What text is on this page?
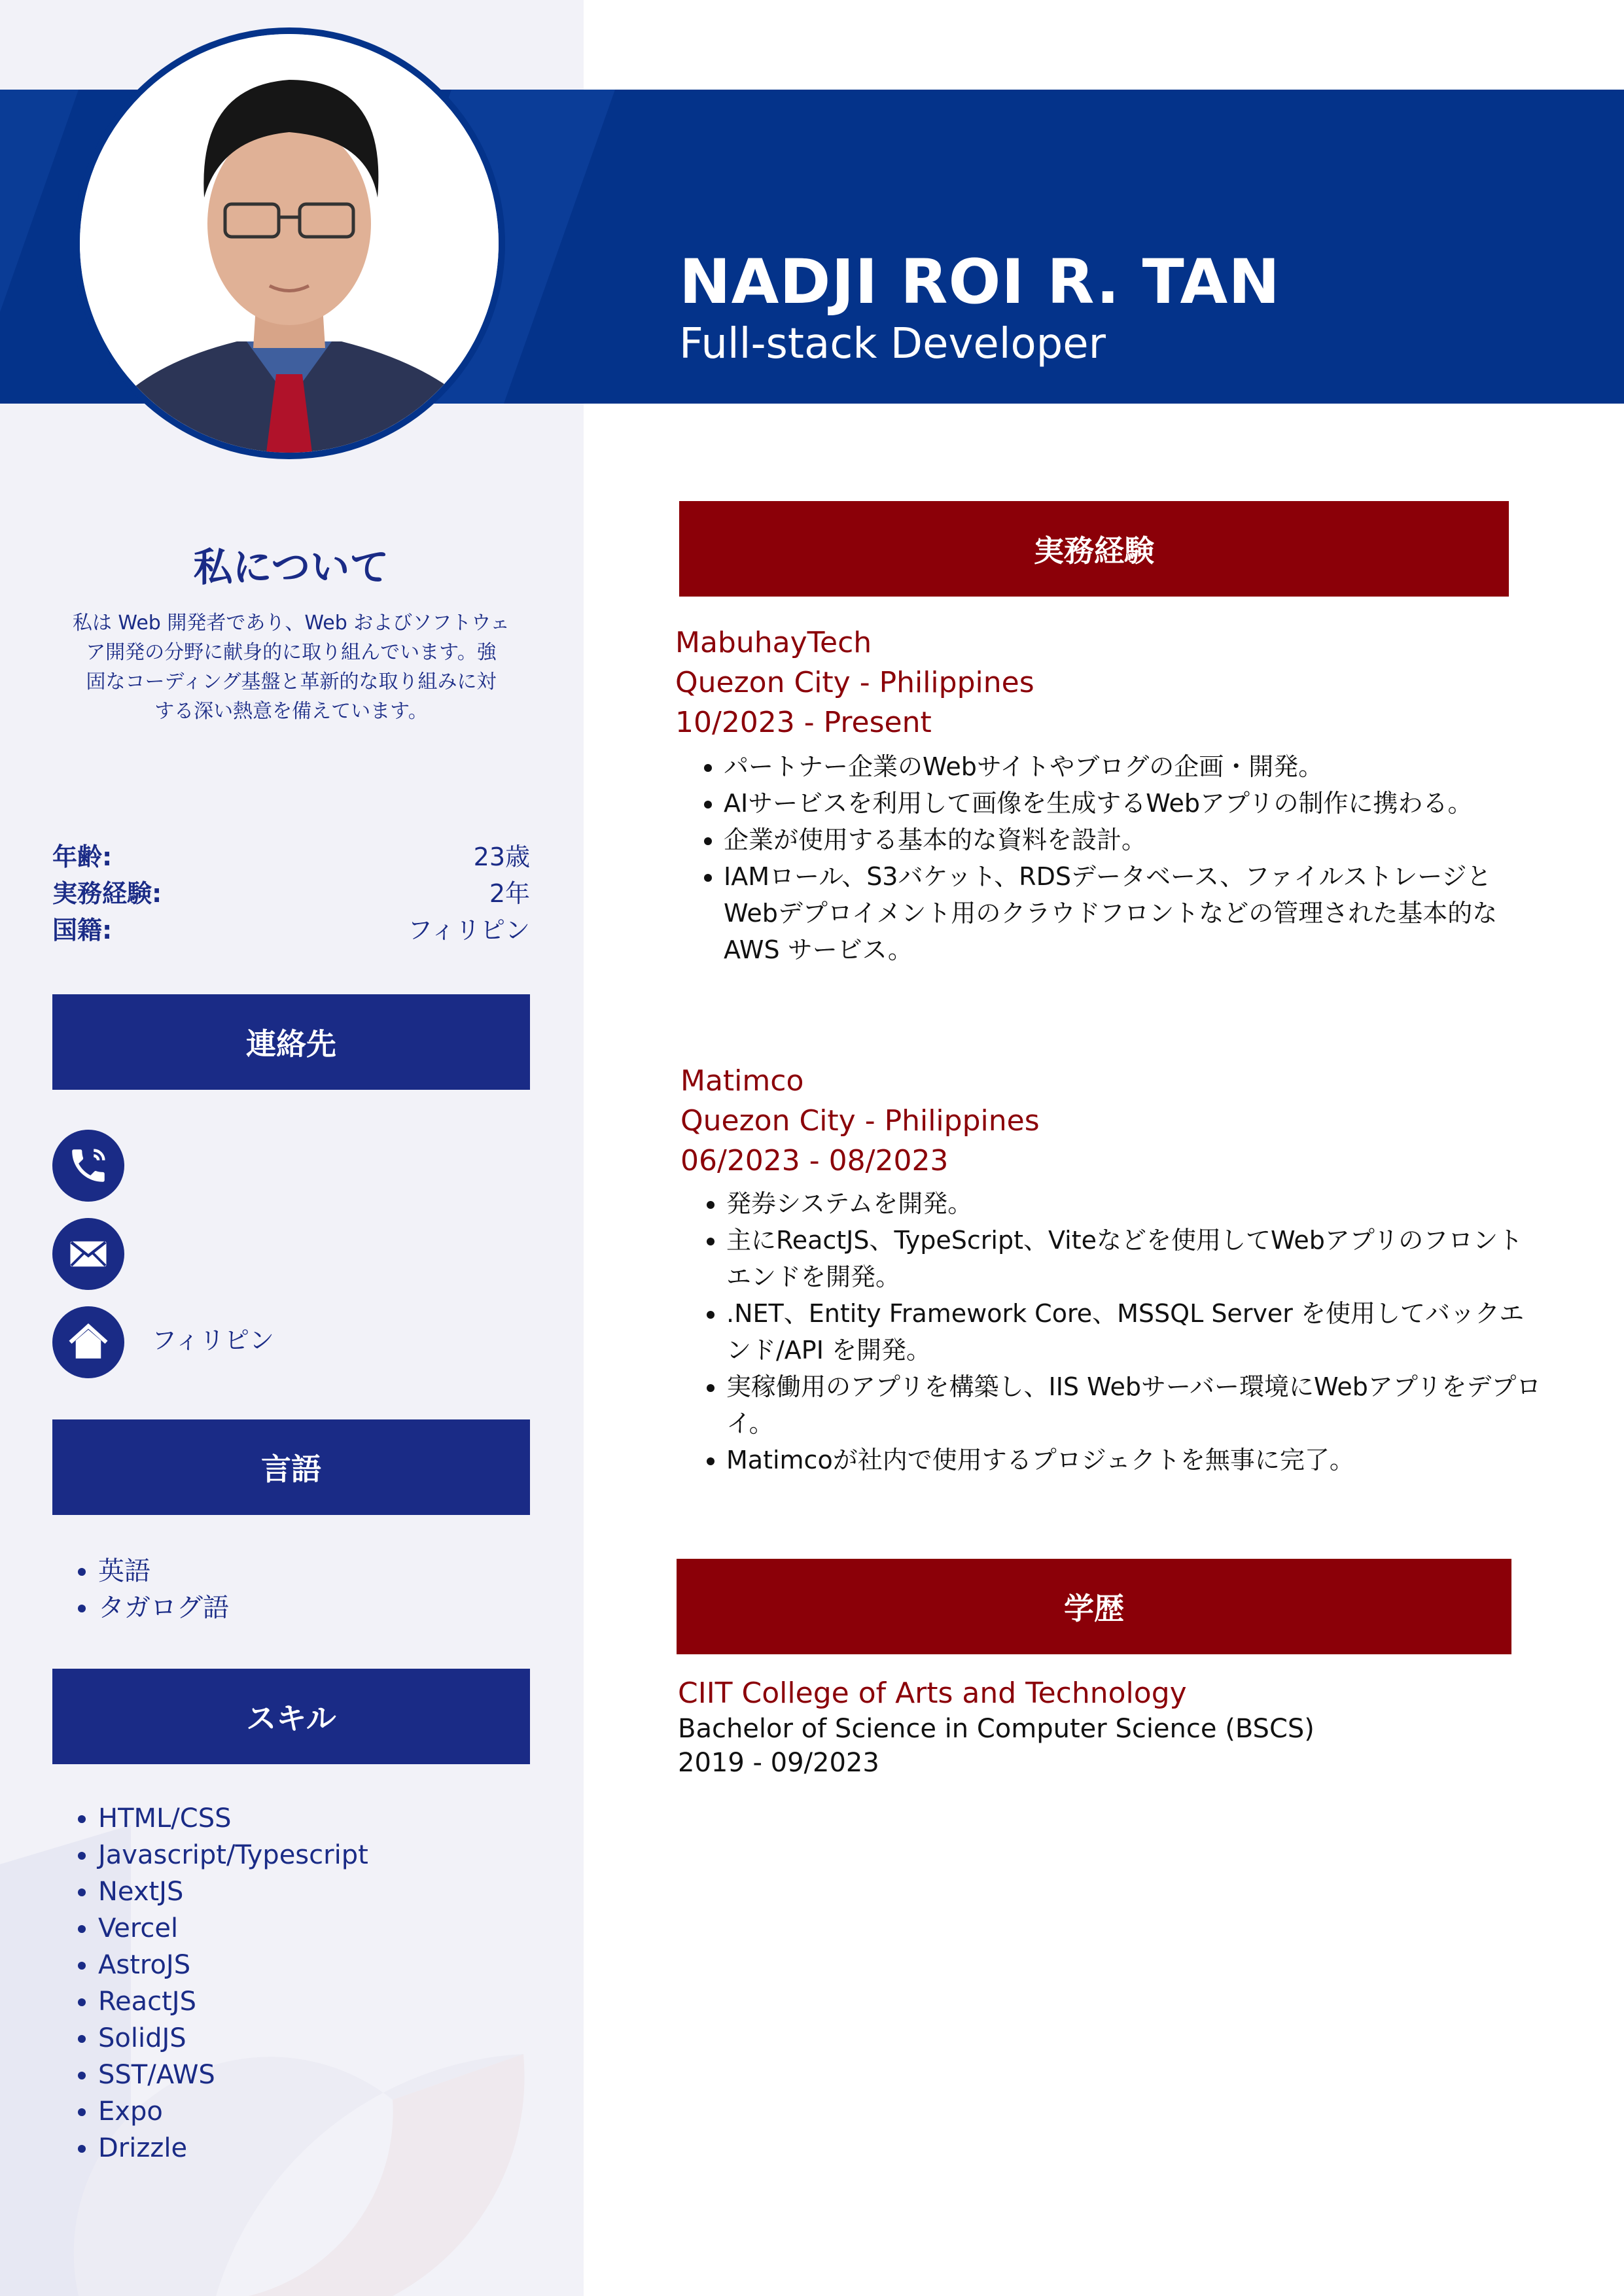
NADJI ROI R. TAN
Full-stack Developer
私について
私は Web 開発者であり、Web およびソフトウェ
ア開発の分野に献身的に取り組んでいます。強
固なコーディング基盤と革新的な取り組みに対
する深い熱意を備えています。
年齢:	23歳
実務経験:	2年
国籍:	フィリピン
連絡先
フィリピン
言語
• 英語
• タガログ語
スキル
• HTML/CSS
• Javascript/Typescript
• NextJS
• Vercel
• AstroJS
• ReactJS
• SolidJS
• SST/AWS
• Expo
• Drizzle
実務経験
MabuhayTech
Quezon City - Philippines
10/2023 - Present
• パートナー企業のWebサイトやブログの企画・開発。
• AIサービスを利用して画像を生成するWebアプリの制作に携わる。
• 企業が使用する基本的な資料を設計。
• IAMロール、S3バケット、RDSデータベース、ファイルストレージと Webデプロイメント用のクラウドフロントなどの管理された基本的なAWS サービス。
Matimco
Quezon City - Philippines
06/2023 - 08/2023
• 発券システムを開発。
• 主にReactJS、TypeScript、Viteなどを使用してWebアプリのフロントエンドを開発。
• .NET、Entity Framework Core、MSSQL Server を使用してバックエンド/API を開発。
• 実稼働用のアプリを構築し、IIS Webサーバー環境にWebアプリをデプロイ。
• Matimcoが社内で使用するプロジェクトを無事に完了。
学歴
CIIT College of Arts and Technology
Bachelor of Science in Computer Science (BSCS)
2019 - 09/2023
